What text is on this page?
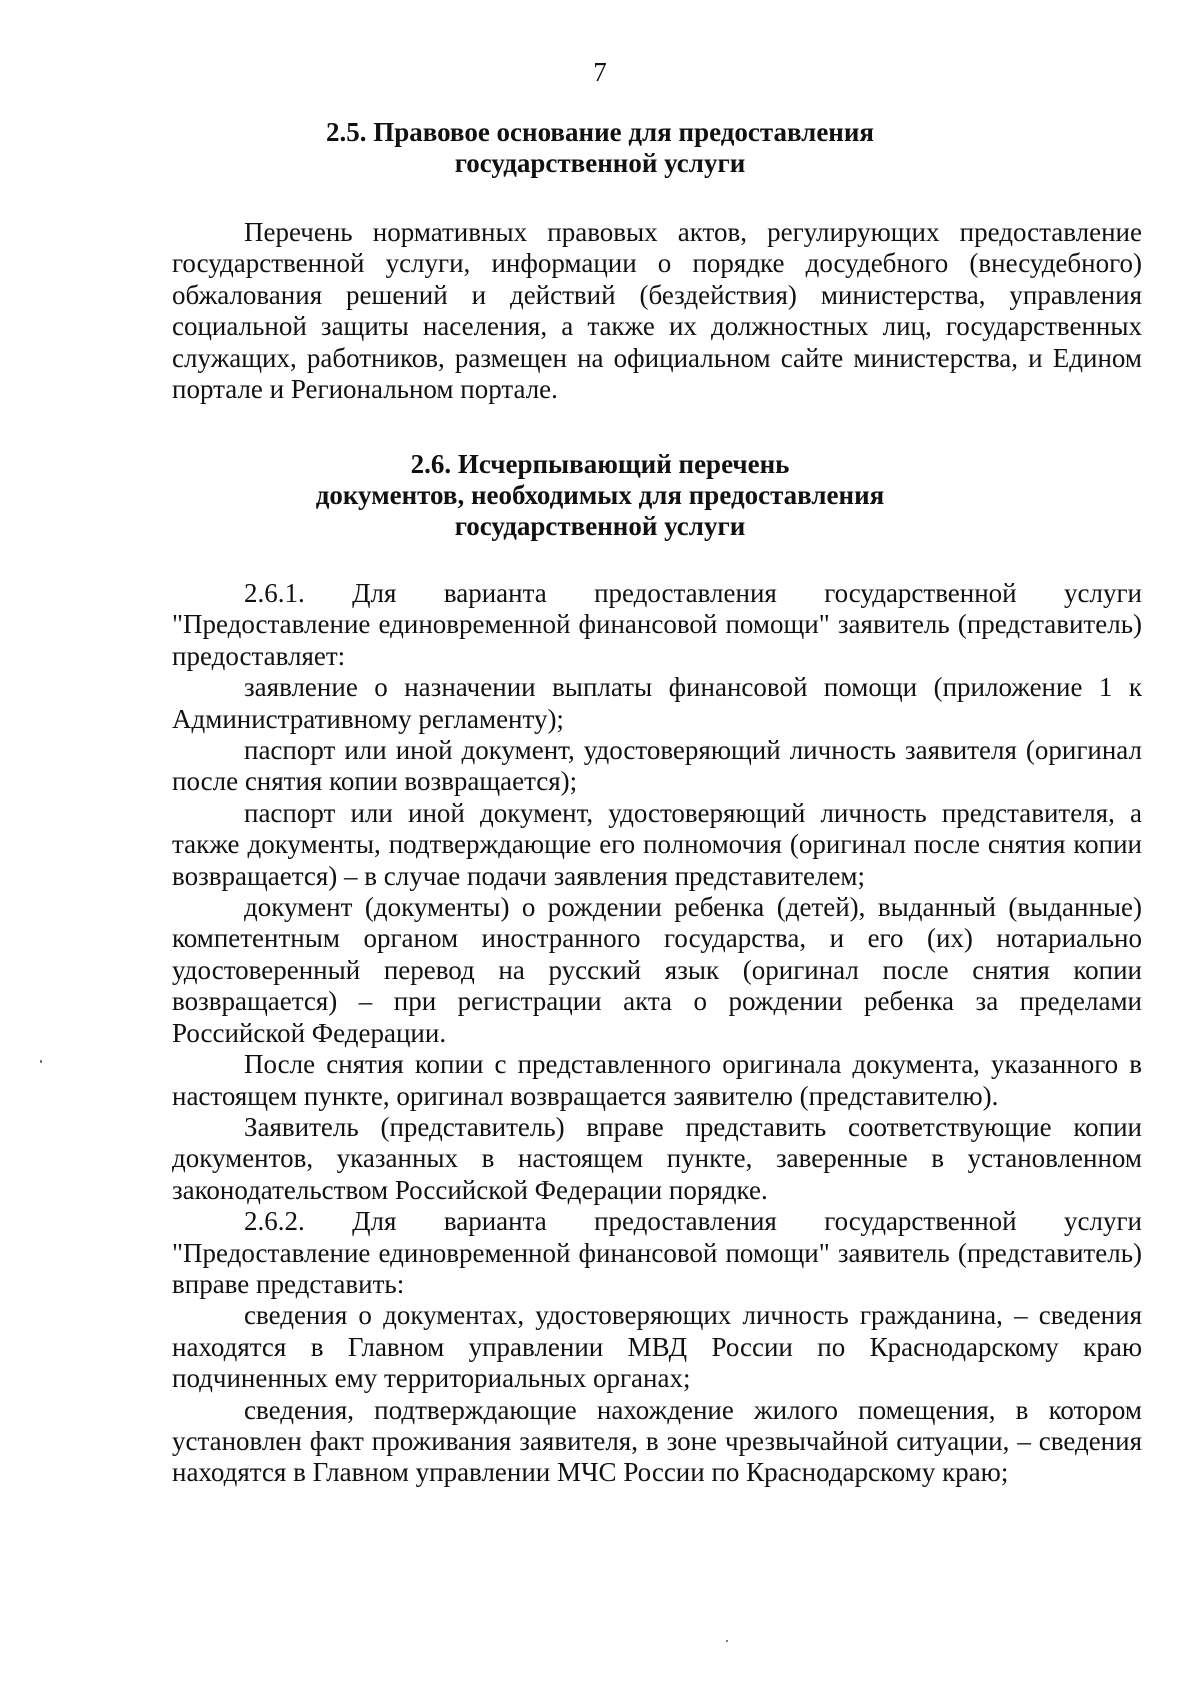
7
2.5. Правовое основание для предоставления
государственной услуги

Перечень нормативных правовых актов, регулирующих предоставление государственной услуги, информации о порядке досудебного (внесудебного) обжалования решений и действий (бездействия) министерства, управления социальной защиты населения, а также их должностных лиц, государственных служащих, работников, размещен на официальном сайте министерства, и Едином портале и Региональном портале.

2.6. Исчерпывающий перечень
документов, необходимых для предоставления
государственной услуги

2.6.1. Для варианта предоставления государственной услуги "Предоставление единовременной финансовой помощи" заявитель (представитель) предоставляет:

заявление о назначении выплаты финансовой помощи (приложение 1 к Административному регламенту);

паспорт или иной документ, удостоверяющий личность заявителя (оригинал после снятия копии возвращается);

паспорт или иной документ, удостоверяющий личность представителя, а также документы, подтверждающие его полномочия (оригинал после снятия копии возвращается) – в случае подачи заявления представителем;

документ (документы) о рождении ребенка (детей), выданный (выданные) компетентным органом иностранного государства, и его (их) нотариально удостоверенный перевод на русский язык (оригинал после снятия копии возвращается) – при регистрации акта о рождении ребенка за пределами Российской Федерации.

После снятия копии с представленного оригинала документа, указанного в настоящем пункте, оригинал возвращается заявителю (представителю).

Заявитель (представитель) вправе представить соответствующие копии документов, указанных в настоящем пункте, заверенные в установленном законодательством Российской Федерации порядке.

2.6.2. Для варианта предоставления государственной услуги "Предоставление единовременной финансовой помощи" заявитель (представитель) вправе представить:

сведения о документах, удостоверяющих личность гражданина, – сведения находятся в Главном управлении МВД России по Краснодарскому краю подчиненных ему территориальных органах;

сведения, подтверждающие нахождение жилого помещения, в котором установлен факт проживания заявителя, в зоне чрезвычайной ситуации, – сведения находятся в Главном управлении МЧС России по Краснодарскому краю;
